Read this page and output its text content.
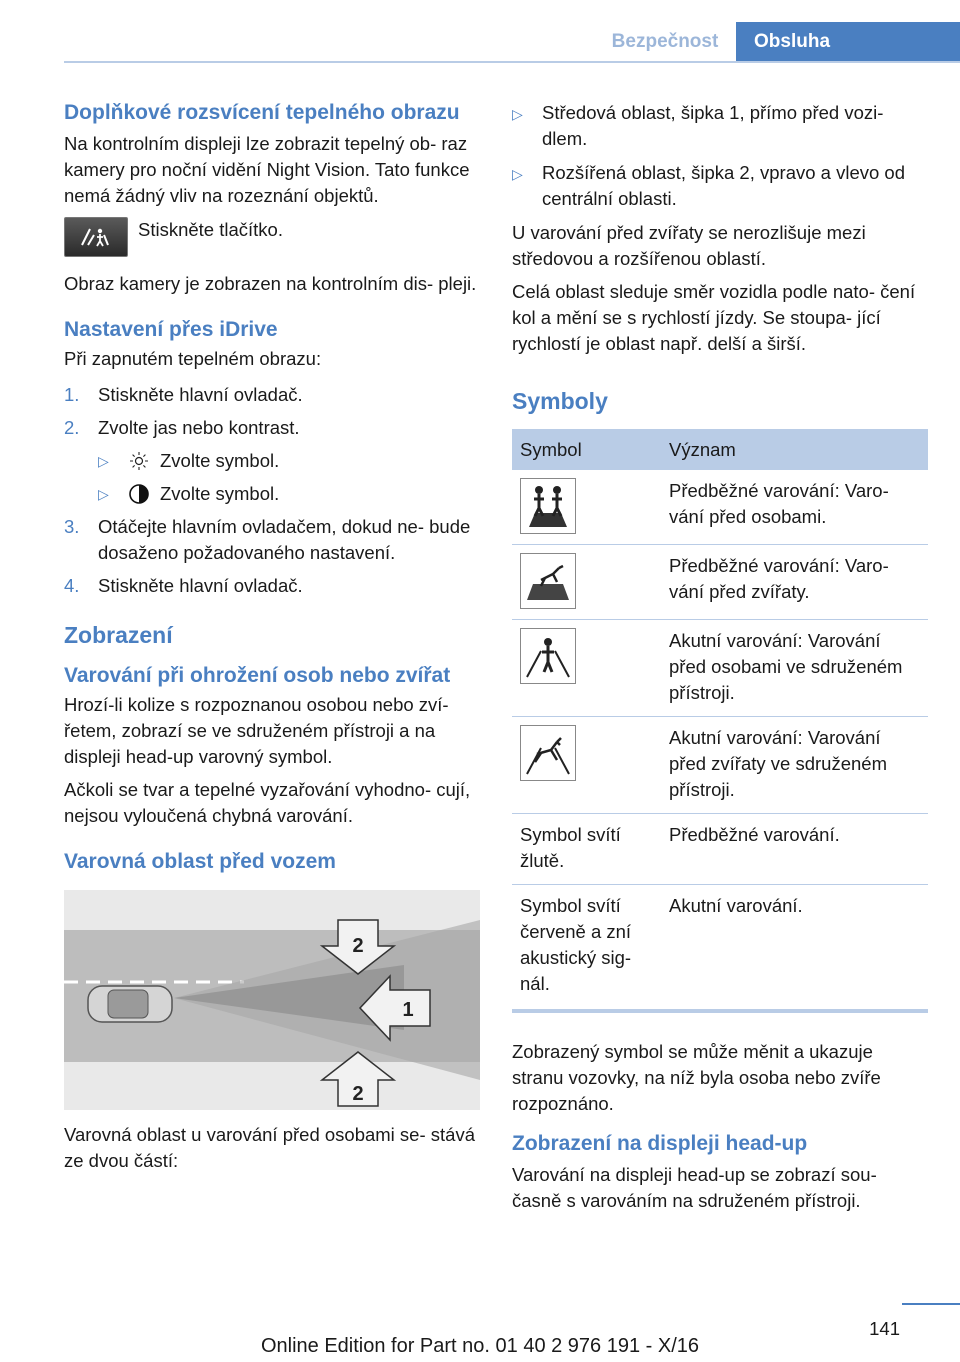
Bezpečnost	Obsluha
Doplňkové rozsvícení tepelného obrazu

Na kontrolním displeji lze zobrazit tepelný ob- raz kamery pro noční vidění Night Vision. Tato funkce nemá žádný vliv na rozeznání objektů.

Stiskněte tlačítko.

Obraz kamery je zobrazen na kontrolním dis- pleji.

Nastavení přes iDrive

Při zapnutém tepelném obrazu:

1.	Stiskněte hlavní ovladač.
2.	Zvolte jas nebo kontrast.
▷	Zvolte symbol.
▷	Zvolte symbol.
3.	Otáčejte hlavním ovladačem, dokud ne- bude dosaženo požadovaného nastavení.
4.	Stiskněte hlavní ovladač.
Zobrazení
Varování při ohrožení osob nebo zvířat

Hrozí-li kolize s rozpoznanou osobou nebo zví- řetem, zobrazí se ve sdruženém přístroji a na displeji head-up varovný symbol.

Ačkoli se tvar a tepelné vyzařování vyhodno- cují, nejsou vyloučená chybná varování.

Varovná oblast před vozem
2
1
2

Varovná oblast u varování před osobami se- stává ze dvou částí:

▷	Středová oblast, šipka 1, přímo před vozi- dlem.
▷	Rozšířená oblast, šipka 2, vpravo a vlevo od centrální oblasti.

U varování před zvířaty se nerozlišuje mezi středovou a rozšířenou oblastí.

Celá oblast sleduje směr vozidla podle nato- čení kol a mění se s rychlostí jízdy. Se stoupa- jící rychlostí je oblast např. delší a širší.

Symboly
Symbol	Význam

	Předběžné varování: Varo- vání před osobami.

	Předběžné varování: Varo- vání před zvířaty.

	Akutní varování: Varování před osobami ve sdruženém přístroji.

	Akutní varování: Varování před zvířaty ve sdruženém přístroji.
Symbol svítí žlutě.	Předběžné varování.
Symbol svítí červeně a zní akustický sig- nál.	Akutní varování.

Zobrazený symbol se může měnit a ukazuje stranu vozovky, na níž byla osoba nebo zvíře rozpoznáno.

Zobrazení na displeji head-up

Varování na displeji head-up se zobrazí sou- časně s varováním na sdruženém přístroji.

141
Online Edition for Part no. 01 40 2 976 191 - X/16
